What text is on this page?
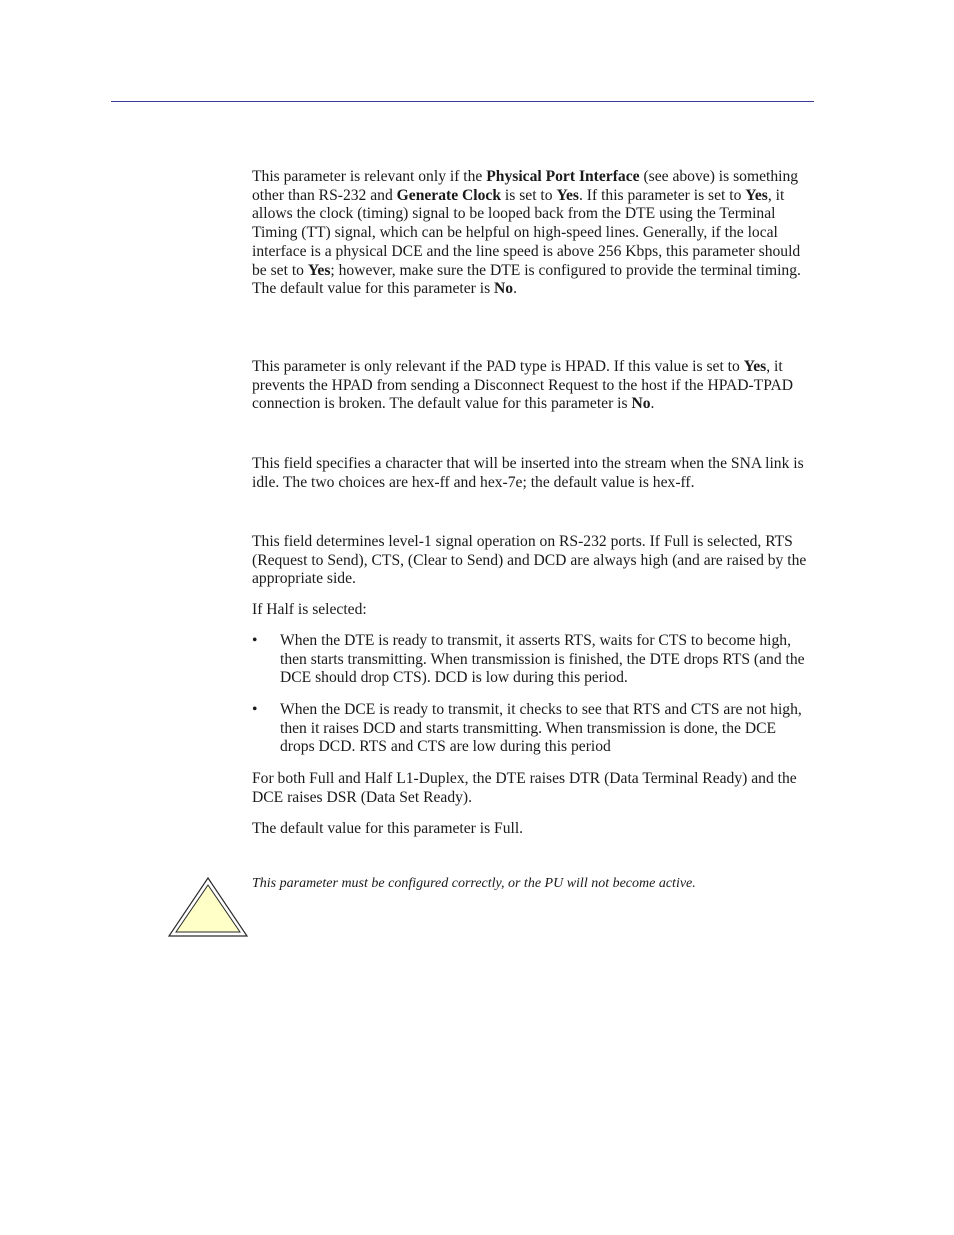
This parameter is relevant only if the Physical Port Interface (see above) is something other than RS-232 and Generate Clock is set to Yes. If this parameter is set to Yes, it allows the clock (timing) signal to be looped back from the DTE using the Terminal Timing (TT) signal, which can be helpful on high-speed lines. Generally, if the local interface is a physical DCE and the line speed is above 256 Kbps, this parameter should be set to Yes; however, make sure the DTE is configured to provide the terminal timing. The default value for this parameter is No.

This parameter is only relevant if the PAD type is HPAD. If this value is set to Yes, it prevents the HPAD from sending a Disconnect Request to the host if the HPAD-TPAD connection is broken. The default value for this parameter is No.

This field specifies a character that will be inserted into the stream when the SNA link is idle. The two choices are hex-ff and hex-7e; the default value is hex-ff.

This field determines level-1 signal operation on RS-232 ports. If Full is selected, RTS (Request to Send), CTS, (Clear to Send) and DCD are always high (and are raised by the appropriate side.

If Half is selected:

•	When the DTE is ready to transmit, it asserts RTS, waits for CTS to become high, then starts transmitting. When transmission is finished, the DTE drops RTS (and the DCE should drop CTS). DCD is low during this period.
•	When the DCE is ready to transmit, it checks to see that RTS and CTS are not high, then it raises DCD and starts transmitting. When transmission is done, the DCE drops DCD. RTS and CTS are low during this period

For both Full and Half L1-Duplex, the DTE raises DTR (Data Terminal Ready) and the DCE raises DSR (Data Set Ready).

The default value for this parameter is Full.

This parameter must be configured correctly, or the PU will not become active.
